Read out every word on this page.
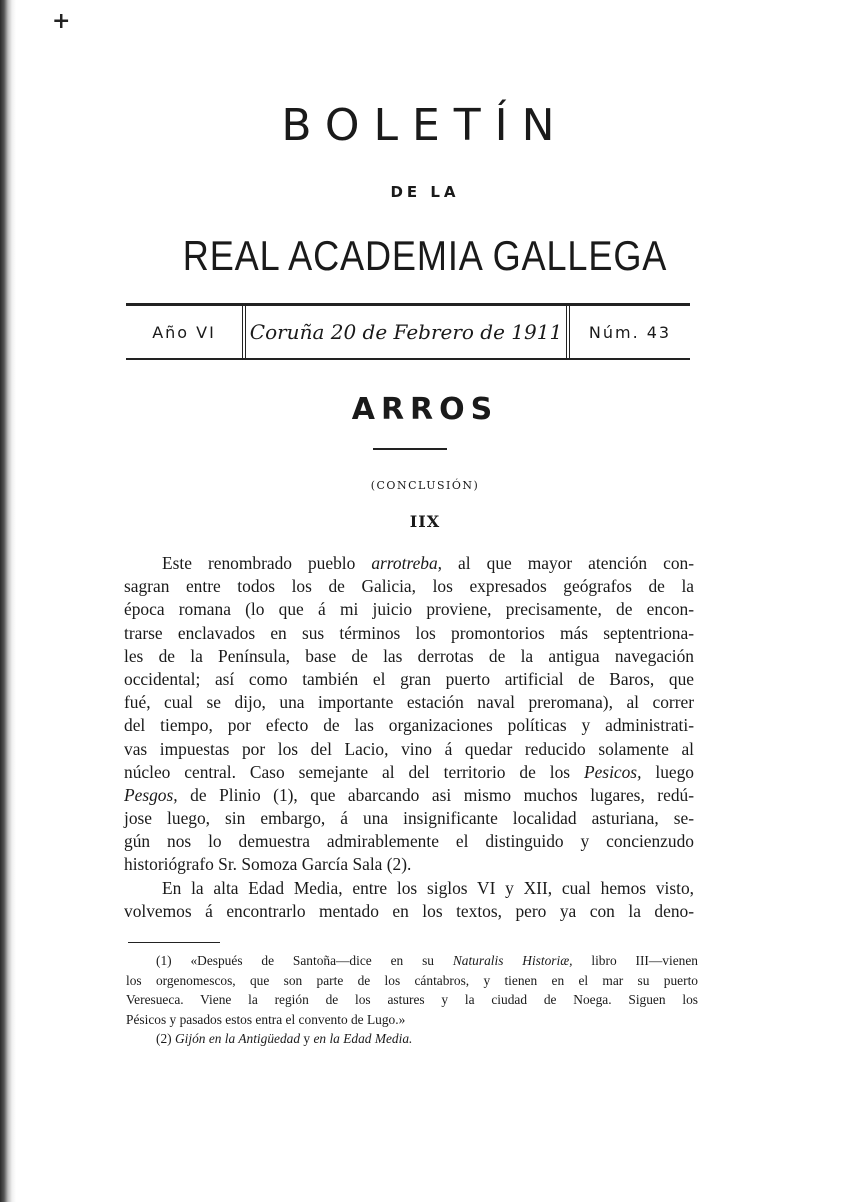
+
BOLETÍN
DE LA
REAL ACADEMIA GALLEGA
Año VI	Coruña 20 de Febrero de 1911	Núm. 43
ARROS
(CONCLUSIÓN)
IIX
Este renombrado pueblo arrotreba, al que mayor atención con-
sagran entre todos los de Galicia, los expresados geógrafos de la
época romana (lo que á mi juicio proviene, precisamente, de encon-
trarse enclavados en sus términos los promontorios más septentriona-
les de la Península, base de las derrotas de la antigua navegación
occidental; así como también el gran puerto artificial de Baros, que
fué, cual se dijo, una importante estación naval preromana), al correr
del tiempo, por efecto de las organizaciones políticas y administrati-
vas impuestas por los del Lacio, vino á quedar reducido solamente al
núcleo central. Caso semejante al del territorio de los Pesicos, luego
Pesgos, de Plinio (1), que abarcando asi mismo muchos lugares, redú-
jose luego, sin embargo, á una insignificante localidad asturiana, se-
gún nos lo demuestra admirablemente el distinguido y concienzudo
historiógrafo Sr. Somoza García Sala (2).
En la alta Edad Media, entre los siglos VI y XII, cual hemos visto,
volvemos á encontrarlo mentado en los textos, pero ya con la deno-
(1) «Después de Santoña—dice en su Naturalis Historiæ, libro III—vienen
los orgenomescos, que son parte de los cántabros, y tienen en el mar su puerto
Veresueca. Viene la región de los astures y la ciudad de Noega. Siguen los
Pésicos y pasados estos entra el convento de Lugo.»
(2) Gijón en la Antigüedad y en la Edad Media.
